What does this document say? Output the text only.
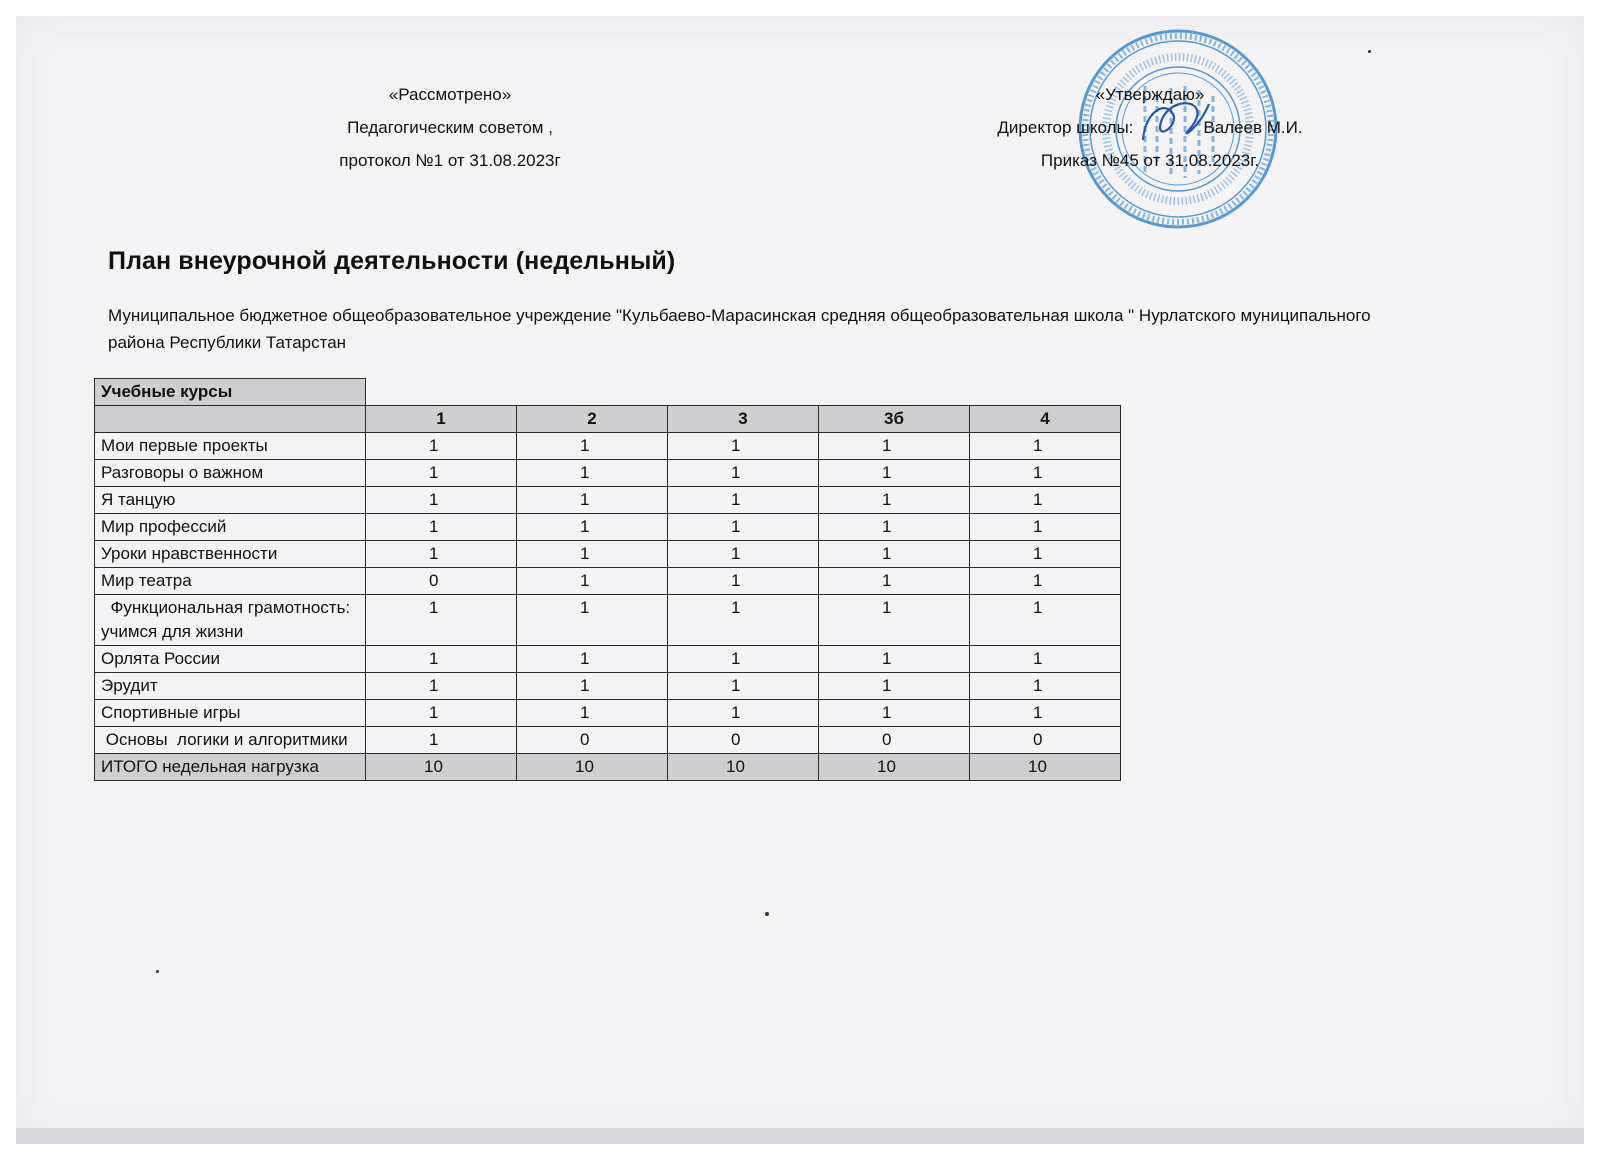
«Рассмотрено»
Педагогическим советом ,
протокол №1 от 31.08.2023г
«Утверждаю»
Директор школы:	Валеев М.И.
Приказ №45 от 31.08.2023г.
План внеурочной деятельности (недельный)
Муниципальное бюджетное общеобразовательное учреждение "Кульбаево-Марасинская средняя общеобразовательная школа " Нурлатского муниципального района Республики Татарстан
Учебные курсы					
	1	2	3	3б	4
Мои первые проекты	1	1	1	1	1
Разговоры о важном	1	1	1	1	1
Я танцую	1	1	1	1	1
Мир профессий	1	1	1	1	1
Уроки нравственности	1	1	1	1	1
Мир театра	0	1	1	1	1
Функциональная грамотность: учимся для жизни	1	1	1	1	1
Орлята России	1	1	1	1	1
Эрудит	1	1	1	1	1
Спортивные игры	1	1	1	1	1
Основы  логики и алгоритмики	1	0	0	0	0
ИТОГО недельная нагрузка	10	10	10	10	10
